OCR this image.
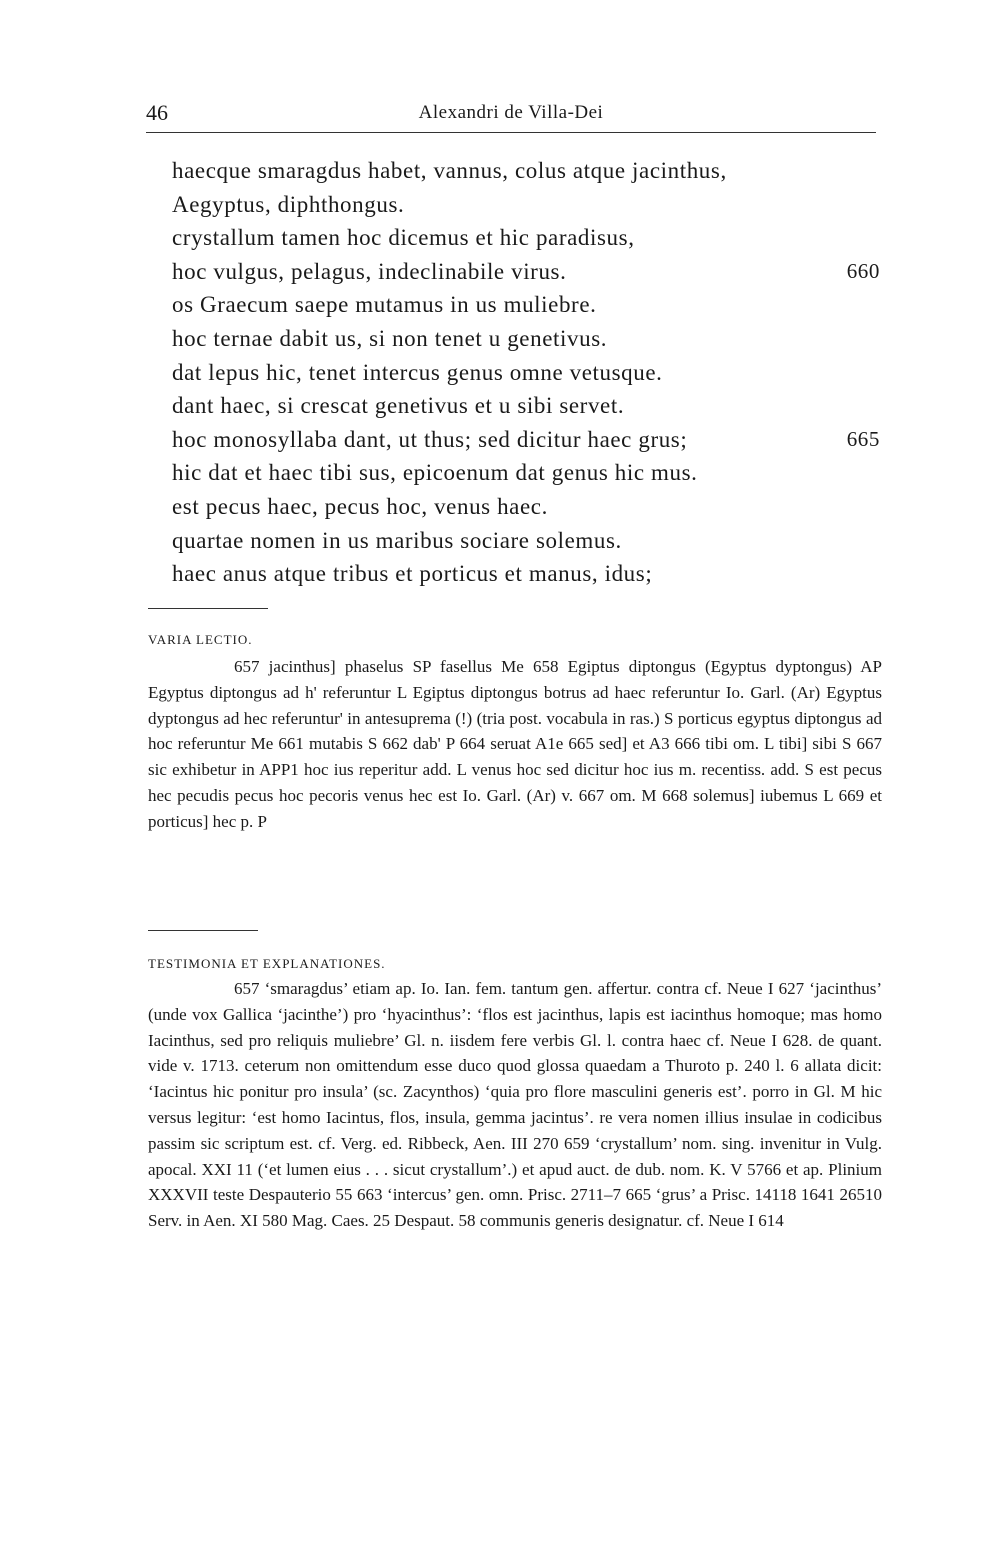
46	Alexandri de Villa-Dei
haecque smaragdus habet, vannus, colus atque jacinthus,
Aegyptus, diphthongus.
crystallum tamen hoc dicemus et hic paradisus,
hoc vulgus, pelagus, indeclinabile virus.	660
os Graecum saepe mutamus in us muliebre.
hoc ternae dabit us, si non tenet u genetivus.
dat lepus hic, tenet intercus genus omne vetusque.
dant haec, si crescat genetivus et u sibi servet.
hoc monosyllaba dant, ut thus; sed dicitur haec grus;	665
hic dat et haec tibi sus, epicoenum dat genus hic mus.
est pecus haec, pecus hoc, venus haec.
quartae nomen in us maribus sociare solemus.
haec anus atque tribus et porticus et manus, idus;
VARIA LECTIO.

657 jacinthus] phaselus SP fasellus Me 658 Egiptus diptongus (Egyptus dyptongus) AP Egyptus diptongus ad h' referuntur L Egiptus diptongus botrus ad haec referuntur Io. Garl. (Ar) Egyptus dyptongus ad hec referuntur' in antesuprema (!) (tria post. vocabula in ras.) S porticus egyptus diptongus ad hoc referuntur Me 661 mutabis S 662 dab' P 664 seruat A1e 665 sed] et A3 666 tibi om. L tibi] sibi S 667 sic exhibetur in APP1 hoc ius reperitur add. L venus hoc sed dicitur hoc ius m. recentiss. add. S est pecus hec pecudis pecus hoc pecoris venus hec est Io. Garl. (Ar) v. 667 om. M 668 solemus] iubemus L 669 et porticus] hec p. P

TESTIMONIA ET EXPLANATIONES.

657 ‘smaragdus’ etiam ap. Io. Ian. fem. tantum gen. affertur. contra cf. Neue I 627 ‘jacinthus’ (unde vox Gallica ‘jacinthe’) pro ‘hyacinthus’: ‘flos est jacinthus, lapis est iacinthus homoque; mas homo Iacinthus, sed pro reliquis muliebre’ Gl. n. iisdem fere verbis Gl. l. contra haec cf. Neue I 628. de quant. vide v. 1713. ceterum non omittendum esse duco quod glossa quaedam a Thuroto p. 240 l. 6 allata dicit: ‘Iacintus hic ponitur pro insula’ (sc. Zacynthos) ‘quia pro flore masculini generis est’. porro in Gl. M hic versus legitur: ‘est homo Iacintus, flos, insula, gemma jacintus’. re vera nomen illius insulae in codicibus passim sic scriptum est. cf. Verg. ed. Ribbeck, Aen. III 270 659 ‘crystallum’ nom. sing. invenitur in Vulg. apocal. XXI 11 (‘et lumen eius . . . sicut crystallum’.) et apud auct. de dub. nom. K. V 5766 et ap. Plinium XXXVII teste Despauterio 55 663 ‘intercus’ gen. omn. Prisc. 2711–7 665 ‘grus’ a Prisc. 14118 1641 26510 Serv. in Aen. XI 580 Mag. Caes. 25 Despaut. 58 communis generis designatur. cf. Neue I 614
